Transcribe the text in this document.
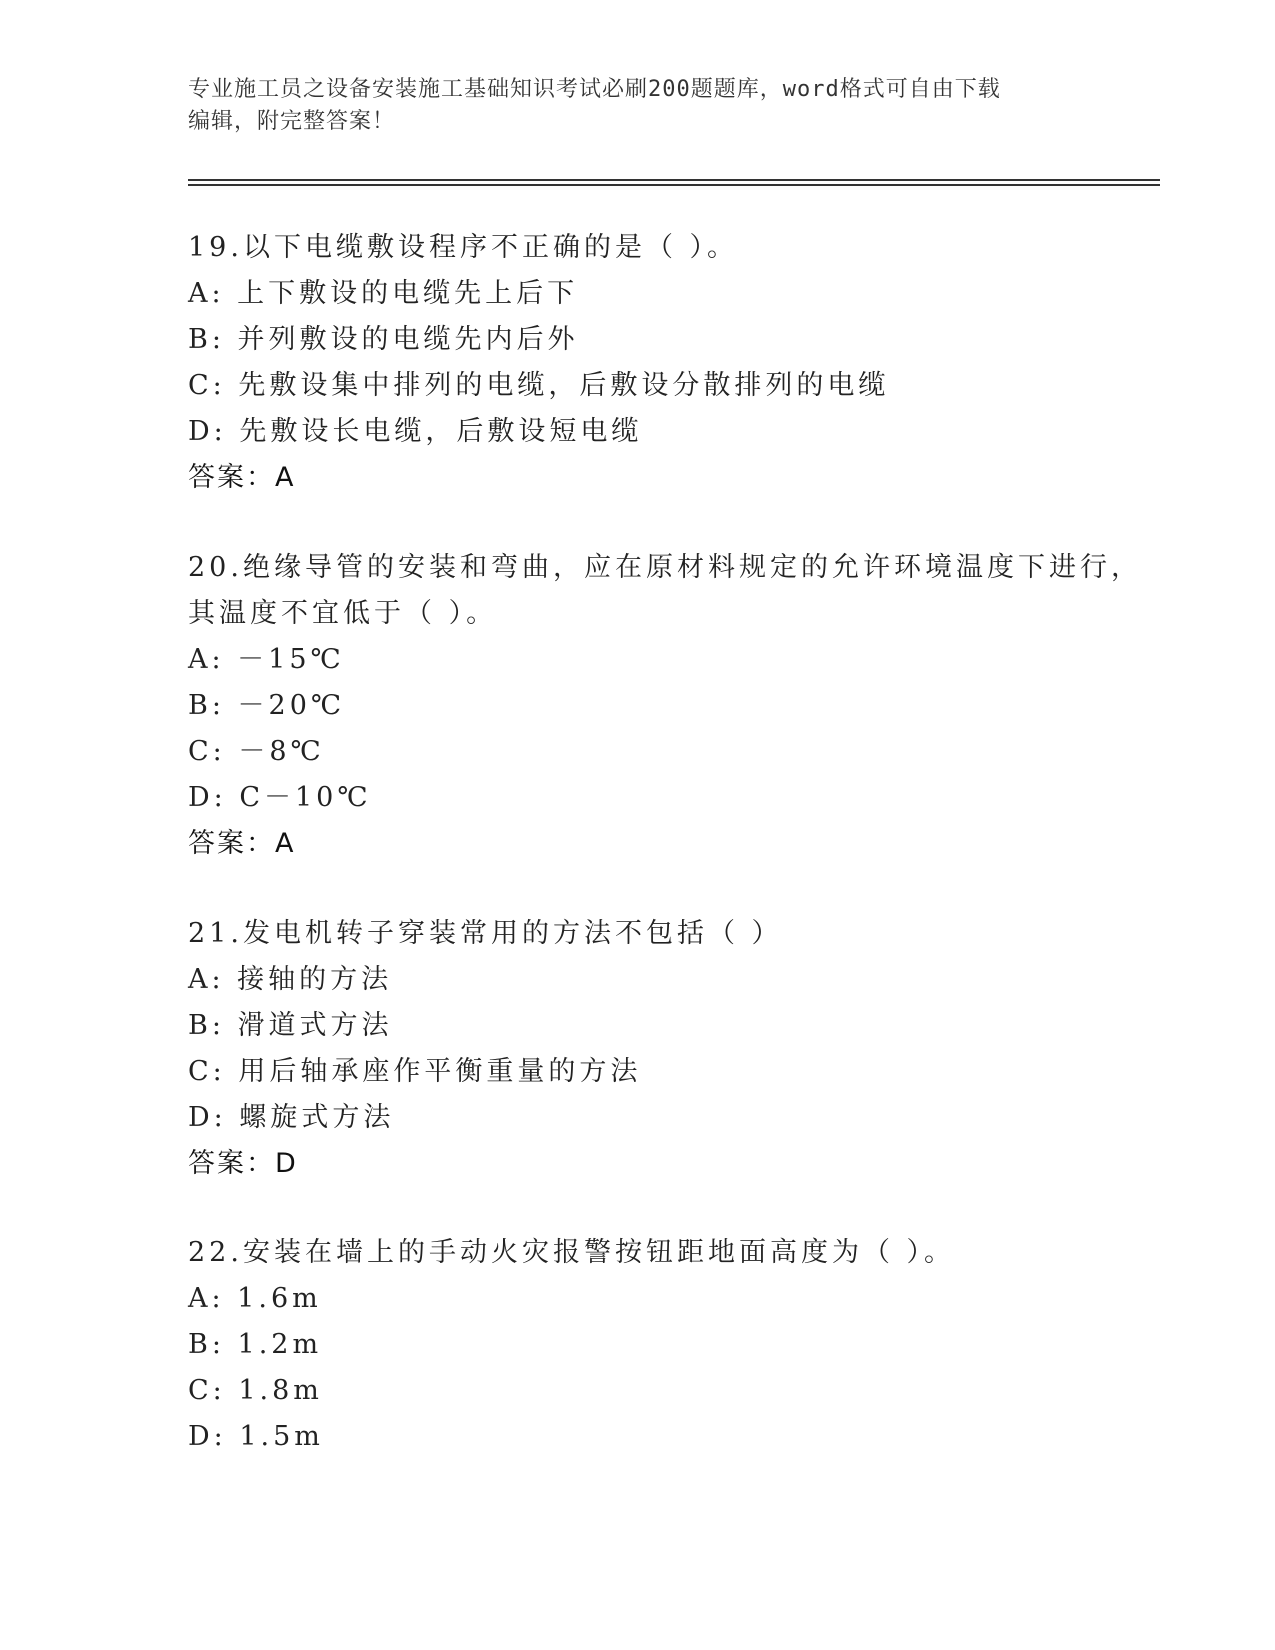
专业施工员之设备安装施工基础知识考试必刷200题题库，word格式可自由下载
编辑，附完整答案！
19.以下电缆敷设程序不正确的是（ ）。
A: 上下敷设的电缆先上后下
B: 并列敷设的电缆先内后外
C: 先敷设集中排列的电缆，后敷设分散排列的电缆
D: 先敷设长电缆，后敷设短电缆
答案：A
20.绝缘导管的安装和弯曲，应在原材料规定的允许环境温度下进行，
其温度不宜低于（ ）。
A: －15℃
B: －20℃
C: －8℃
D: C－10℃
答案：A
21.发电机转子穿装常用的方法不包括（ ）
A: 接轴的方法
B: 滑道式方法
C: 用后轴承座作平衡重量的方法
D: 螺旋式方法
答案：D
22.安装在墙上的手动火灾报警按钮距地面高度为（ ）。
A: 1.6m
B: 1.2m
C: 1.8m
D: 1.5m
